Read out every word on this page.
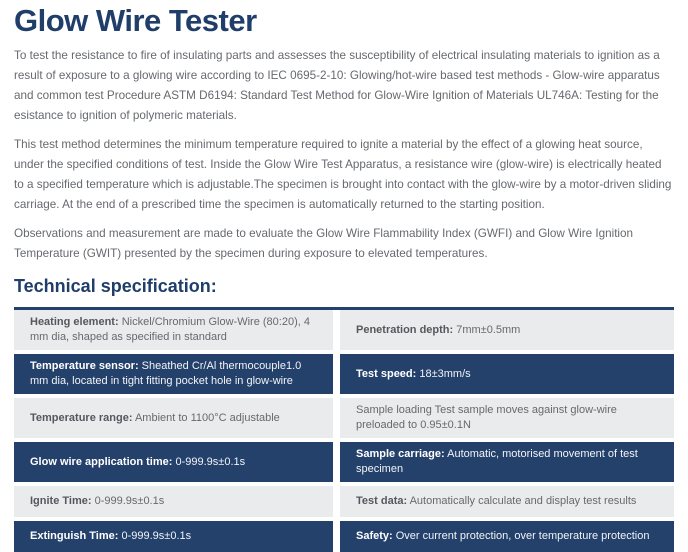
Glow Wire Tester

To test the resistance to fire of insulating parts and assesses the susceptibility of electrical insulating materials to ignition as a result of exposure to a glowing wire according to IEC 0695-2-10: Glowing/hot-wire based test methods - Glow-wire apparatus and common test Procedure ASTM D6194: Standard Test Method for Glow-Wire Ignition of Materials UL746A: Testing for the esistance to ignition of polymeric materials.

This test method determines the minimum temperature required to ignite a material by the effect of a glowing heat source, under the specified conditions of test. Inside the Glow Wire Test Apparatus, a resistance wire (glow-wire) is electrically heated to a specified temperature which is adjustable.The specimen is brought into contact with the glow-wire by a motor-driven sliding carriage. At the end of a prescribed time the specimen is automatically returned to the starting position.

Observations and measurement are made to evaluate the Glow Wire Flammability Index (GWFI) and Glow Wire Ignition Temperature (GWIT) presented by the specimen during exposure to elevated temperatures.

Technical specification:

Heating element: Nickel/Chromium Glow-Wire (80:20), 4 mm dia, shaped as specified in standard

Penetration depth: 7mm±0.5mm

Temperature sensor: Sheathed Cr/Al thermocouple1.0 mm dia, located in tight fitting pocket hole in glow-wire

Test speed: 18±3mm/s

Temperature range: Ambient to 1100°C adjustable

Sample loading Test sample moves against glow-wire preloaded to 0.95±0.1N

Glow wire application time: 0-999.9s±0.1s

Sample carriage: Automatic, motorised movement of test specimen

Ignite Time: 0-999.9s±0.1s	Test data: Automatically calculate and display test results

Extinguish Time: 0-999.9s±0.1s	Safety: Over current protection, over temperature protection
